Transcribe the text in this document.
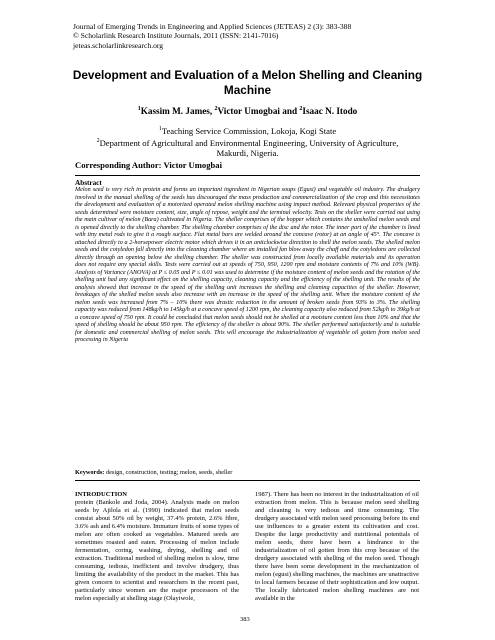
Journal of Emerging Trends in Engineering and Applied Sciences (JETEAS) 2 (3): 383-388
© Scholarlink Research Institute Journals, 2011 (ISSN: 2141-7016)
jeteas.scholarlinkresearch.org
Development and Evaluation of a Melon Shelling and Cleaning Machine
$^1$Kassim M. James, $^2$Victor Umogbai and $^2$Isaac N. Itodo
$^1$Teaching Service Commission, Lokoja, Kogi State
$^2$Department of Agricultural and Environmental Engineering, University of Agriculture,
Makurdi, Nigeria.
Corresponding Author: Victor Umogbai
Abstract
Melon seed is very rich in protein and forms an important ingredient in Nigerian soups (Egusi) and vegetable oil industry. The drudgery involved in the manual shelling of the seeds has discouraged the mass production and commercialization of the crop and this necessitates the development and evaluation of a motorized operated melon shelling machine using impact method. Relevant physical properties of the seeds determined were moisture content, size, angle of repose, weight and the terminal velocity. Tests on the sheller were carried out using the main cultivar of melon (Bara) cultivated in Nigeria. The sheller comprises of the hopper which contains the unshelled melon seeds and is opened directly to the shelling chamber. The shelling chamber comprises of the disc and the rotor. The inner part of the chamber is lined with tiny metal rods to give it a rough surface. Flat metal bars are welded around the concave (rotor) at an angle of 45°. The concave is attached directly to a 2-horsepower electric motor which drives it in an anticlockwise direction to shell the melon seeds. The shelled melon seeds and the cotyledon fall directly into the cleaning chamber where an installed fan blow away the chaff and the cotyledons are collected directly through an opening below the shelling chamber. The sheller was constructed from locally available materials and its operation does not require any special skills. Tests were carried out at speeds of 750, 950, 1200 rpm and moisture contents of 7% and 10% (WB). Analysis of Variance (ANOVA) at P ≤ 0.05 and P ≤ 0.01 was used to determine if the moisture content of melon seeds and the rotation of the shelling unit had any significant effect on the shelling capacity, cleaning capacity and the efficiency of the shelling unit. The results of the analysis showed that increase in the speed of the shelling unit increases the shelling and cleaning capacities of the sheller. However, breakages of the shelled melon seeds also increase with an increase in the speed of the shelling unit. When the moisture content of the melon seeds was increased from 7% – 10% there was drastic reduction in the amount of broken seeds from 93% to 3%. The shelling capacity was reduced from 148kg/h to 145kg/h at a concave speed of 1200 rpm, the cleaning capacity also reduced from 52kg/h to 39kg/h at a concave speed of 750 rpm. It could be concluded that melon seeds should not be shelled at a moisture content less than 10% and that the speed of shelling should be about 950 rpm. The efficiency of the sheller is about 90%. The sheller performed satisfactorily and is suitable for domestic and commercial shelling of melon seeds. This will encourage the industrialization of vegetable oil gotten from melon seed processing in Nigeria
Keywords: design, construction, testing; melon, seeds, sheller
INTRODUCTION
protein (Bankole and Joda, 2004). Analysis made on melon seeds by Ajilola et al. (1990) indicated that melon seeds consist about 50% oil by weight, 37.4% protein, 2.6% fibre, 3.6% ash and 6.4% moisture. Immature fruits of some types of melon are often cooked as vegetables. Matured seeds are sometimes roasted and eaten. Processing of melon include fermentation, coring, washing, drying, shelling and oil extraction. Traditional method of shelling melon is slow, time consuming, tedious, inefficient and involve drudgery, thus limiting the availability of the product in the market. This has given concern to scientist and researchers in the recent past, particularly since women are the major processors of the melon especially at shelling stage (Olayiwole,
1987). There has been no interest in the industrialization of oil extraction from melon. This is because melon seed shelling and cleaning is very tedious and time consuming. The drudgery associated with melon seed processing before its end use influences to a greater extent its cultivation and cost. Despite the large productivity and nutritional potentials of melon seeds, there have been a hindrance to the industrialization of oil gotten from this crop because of the drudgery associated with shelling of the melon seed. Though there have been some development in the mechanization of melon (egusi) shelling machines, the machines are unattractive to local farmers because of their sophistication and low output. The locally fabricated melon shelling machines are not available in the
383
